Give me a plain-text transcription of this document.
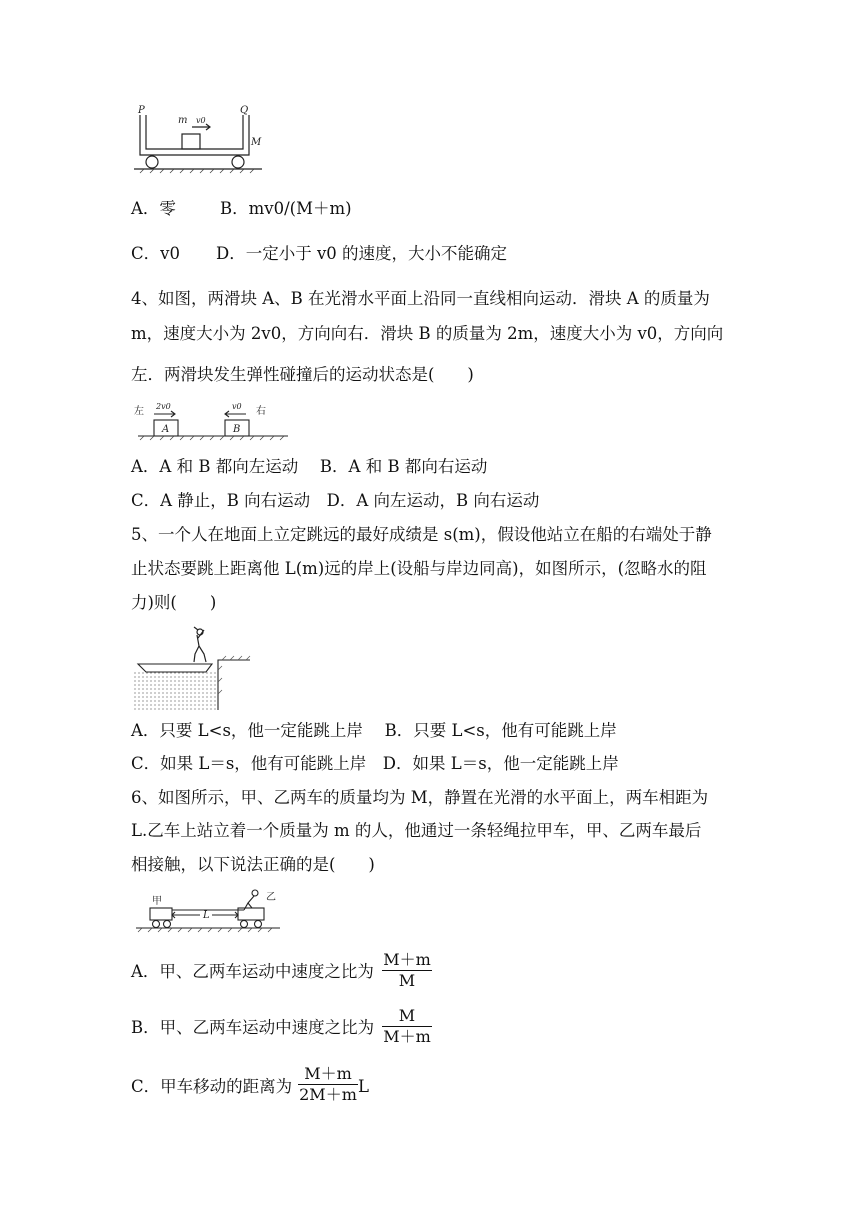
P	Q
m v0
M
A．零	B．mv0/(M＋m)
C．v0 D．一定小于 v0 的速度，大小不能确定
4、如图，两滑块 A、B 在光滑水平面上沿同一直线相向运动．滑块 A 的质量为
m，速度大小为 2v0，方向向右．滑块 B 的质量为 2m，速度大小为 v0，方向向
左．两滑块发生弹性碰撞后的运动状态是(　　)
左	右
2v0	v0
A	B
A．A 和 B 都向左运动　 B．A 和 B 都向右运动
C．A 静止，B 向右运动　D．A 向左运动，B 向右运动
5、一个人在地面上立定跳远的最好成绩是 s(m)，假设他站立在船的右端处于静
止状态要跳上距离他 L(m)远的岸上(设船与岸边同高)，如图所示，(忽略水的阻
力)则(　　)
A．只要 L<s，他一定能跳上岸　 B．只要 L<s，他有可能跳上岸
C．如果 L＝s，他有可能跳上岸　D．如果 L＝s，他一定能跳上岸
6、如图所示，甲、乙两车的质量均为 M，静置在光滑的水平面上，两车相距为
L.乙车上站立着一个质量为 m 的人，他通过一条轻绳拉甲车，甲、乙两车最后
相接触，以下说法正确的是(　　)
甲	乙
L
A．甲、乙两车运动中速度之比为 $\frac{M+m}{M}$
B．甲、乙两车运动中速度之比为 $\frac{M}{M+m}$
C．甲车移动的距离为 $\frac{M+m}{2M+m}$ L
